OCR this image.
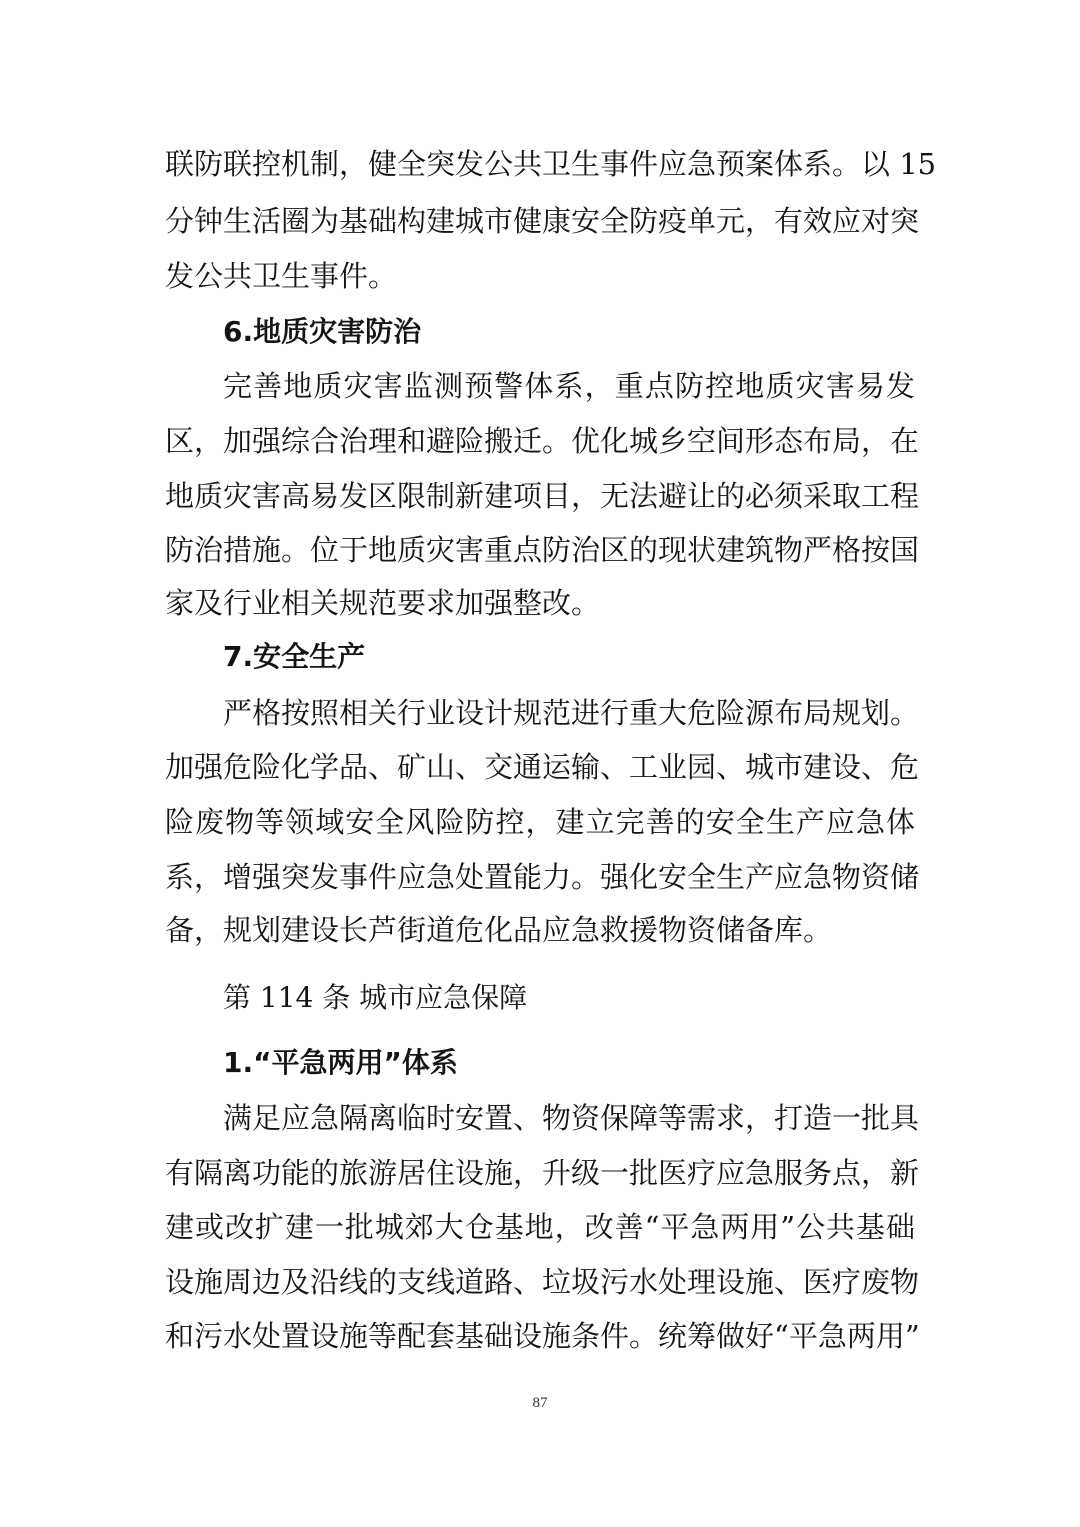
联防联控机制，健全突发公共卫生事件应急预案体系。以 15
分钟生活圈为基础构建城市健康安全防疫单元，有效应对突
发公共卫生事件。
6.地质灾害防治
完善地质灾害监测预警体系，重点防控地质灾害易发
区，加强综合治理和避险搬迁。优化城乡空间形态布局，在
地质灾害高易发区限制新建项目，无法避让的必须采取工程
防治措施。位于地质灾害重点防治区的现状建筑物严格按国
家及行业相关规范要求加强整改。
7.安全生产
严格按照相关行业设计规范进行重大危险源布局规划。
加强危险化学品、矿山、交通运输、工业园、城市建设、危
险废物等领域安全风险防控，建立完善的安全生产应急体
系，增强突发事件应急处置能力。强化安全生产应急物资储
备，规划建设长芦街道危化品应急救援物资储备库。
第 114 条 城市应急保障
1.“平急两用”体系
满足应急隔离临时安置、物资保障等需求，打造一批具
有隔离功能的旅游居住设施，升级一批医疗应急服务点，新
建或改扩建一批城郊大仓基地，改善“平急两用”公共基础
设施周边及沿线的支线道路、垃圾污水处理设施、医疗废物
和污水处置设施等配套基础设施条件。统筹做好“平急两用”
87
